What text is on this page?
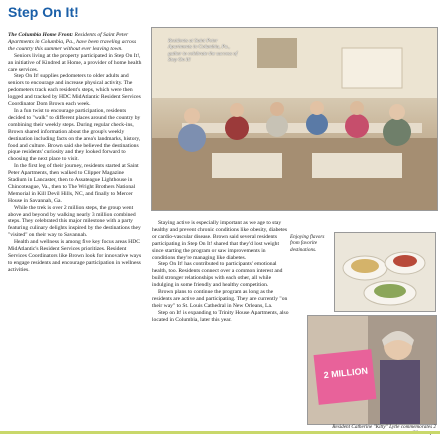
Step On It!

The Columbia Home Front: Residents of Saint Peter Apartments in Columbia, Pa., have been traveling across the country this summer without ever leaving town.

Seniors living at the property participated in Step On It!, an initiative of Kindred at Home, a provider of home health care services.

Step On It! supplies pedometers to older adults and seniors to encourage and increase physical activity. The pedometers track each resident's steps, which were then logged and tracked by HDC MidAtlantic Resident Services Coordinator Dom Brown each week.

In a fun twist to encourage participation, residents decided to "walk" to different places around the country by combining their weekly steps. During regular check-ins, Brown shared information about the group's weekly destination including facts on the area's landmarks, history, food and culture. Brown said she believed the destinations pique residents' curiosity and they looked forward to choosing the next place to visit.

In the first leg of their journey, residents started at Saint Peter Apartments, then walked to Clipper Magazine Stadium in Lancaster, then to Assateague Lighthouse in Chincoteague, Va., then to The Wright Brothers National Memorial in Kill Devil Hills, NC, and finally to Mercer House in Savannah, Ga.

While the trek is over 2 million steps, the group went above and beyond by walking nearly 3 million combined steps. They celebrated this major milestone with a party featuring culinary delights inspired by the destinations they "visited" on their way to Savannah.

Health and wellness is among five key focus areas HDC MidAtlantic's Resident Services prioritizes. Resident Services Coordinators like Brown look for innovative ways to engage residents and encourage participation in wellness activities.

Residents at Saint Peter Apartments in Columbia, Pa., gather to celebrate the success of Step On It!

Staying active is especially important as we age to stay healthy and prevent chronic conditions like obesity, diabetes or cardio-vascular disease. Brown said several residents participating in Step On It! shared that they'd lost weight since starting the program or saw improvements in conditions they're managing like diabetes.

Step On It! has contributed to participants' emotional health, too. Residents connect over a common interest and build stronger relationships with each other, all while indulging in some friendly and healthy competition.

Brown plans to continue the program as long as the residents are active and participating. They are currently "on their way" to St. Louis Cathedral in New Orleans, La.

Step on It! is expanding to Trinity House Apartments, also located in Columbia, later this year.

Enjoying flavors from favorite destinations.
2 MILLION
Resident Catherine "Kitty" Lytle commemorates 2
